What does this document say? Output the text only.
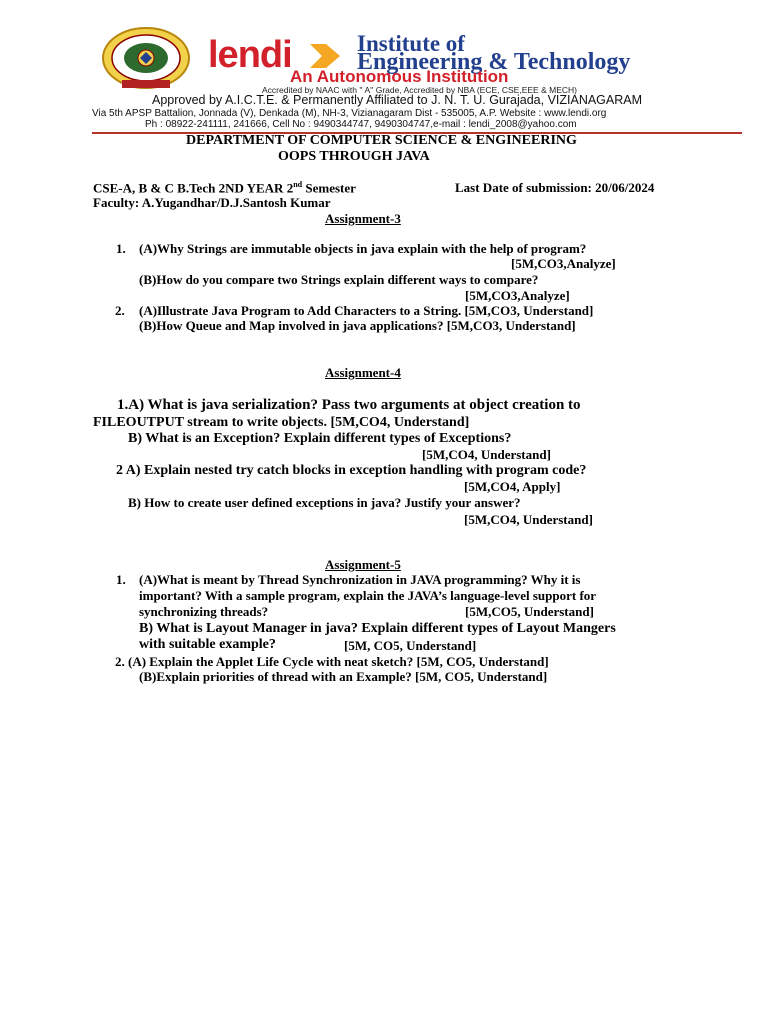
lendi	Institute of
Engineering & Technology
An Autonomous Institution
Accredited by NAAC with '' A'' Grade, Accredited by NBA (ECE, CSE,EEE & MECH)
Approved by A.I.C.T.E. & Permanently Affiliated to J. N. T. U. Gurajada, VIZIANAGARAM
Via 5th APSP Battalion, Jonnada (V), Denkada (M), NH-3, Vizianagaram Dist - 535005, A.P. Website : www.lendi.org
Ph : 08922-241111, 241666, Cell No : 9490344747, 9490304747,e-mail : lendi_2008@yahoo.com
DEPARTMENT OF COMPUTER SCIENCE & ENGINEERING
OOPS THROUGH JAVA
CSE-A, B & C B.Tech 2ND YEAR 2nd Semester	Last Date of submission: 20/06/2024
Faculty: A.Yugandhar/D.J.Santosh Kumar
Assignment-3
1. (A)Why Strings are immutable objects in java explain with the help of program?
[5M,CO3,Analyze]
(B)How do you compare two Strings explain different ways to compare?
[5M,CO3,Analyze]
2. (A)Illustrate Java Program to Add Characters to a String. [5M,CO3, Understand]
(B)How Queue and Map involved in java applications? [5M,CO3, Understand]
Assignment-4
1.A) What is java serialization? Pass two arguments at object creation to
FILEOUTPUT stream to write objects. [5M,CO4, Understand]
B) What is an Exception? Explain different types of Exceptions?
[5M,CO4, Understand]
2 A) Explain nested try catch blocks in exception handling with program code?
[5M,CO4, Apply]
B) How to create user defined exceptions in java? Justify your answer?
[5M,CO4, Understand]
Assignment-5
1. (A)What is meant by Thread Synchronization in JAVA programming? Why it is
important? With a sample program, explain the JAVA’s language-level support for
synchronizing threads?	[5M,CO5, Understand]
B) What is Layout Manager in java? Explain different types of Layout Mangers
with suitable example?	[5M, CO5, Understand]
2. (A) Explain the Applet Life Cycle with neat sketch? [5M, CO5, Understand]
(B)Explain priorities of thread with an Example? [5M, CO5, Understand]
